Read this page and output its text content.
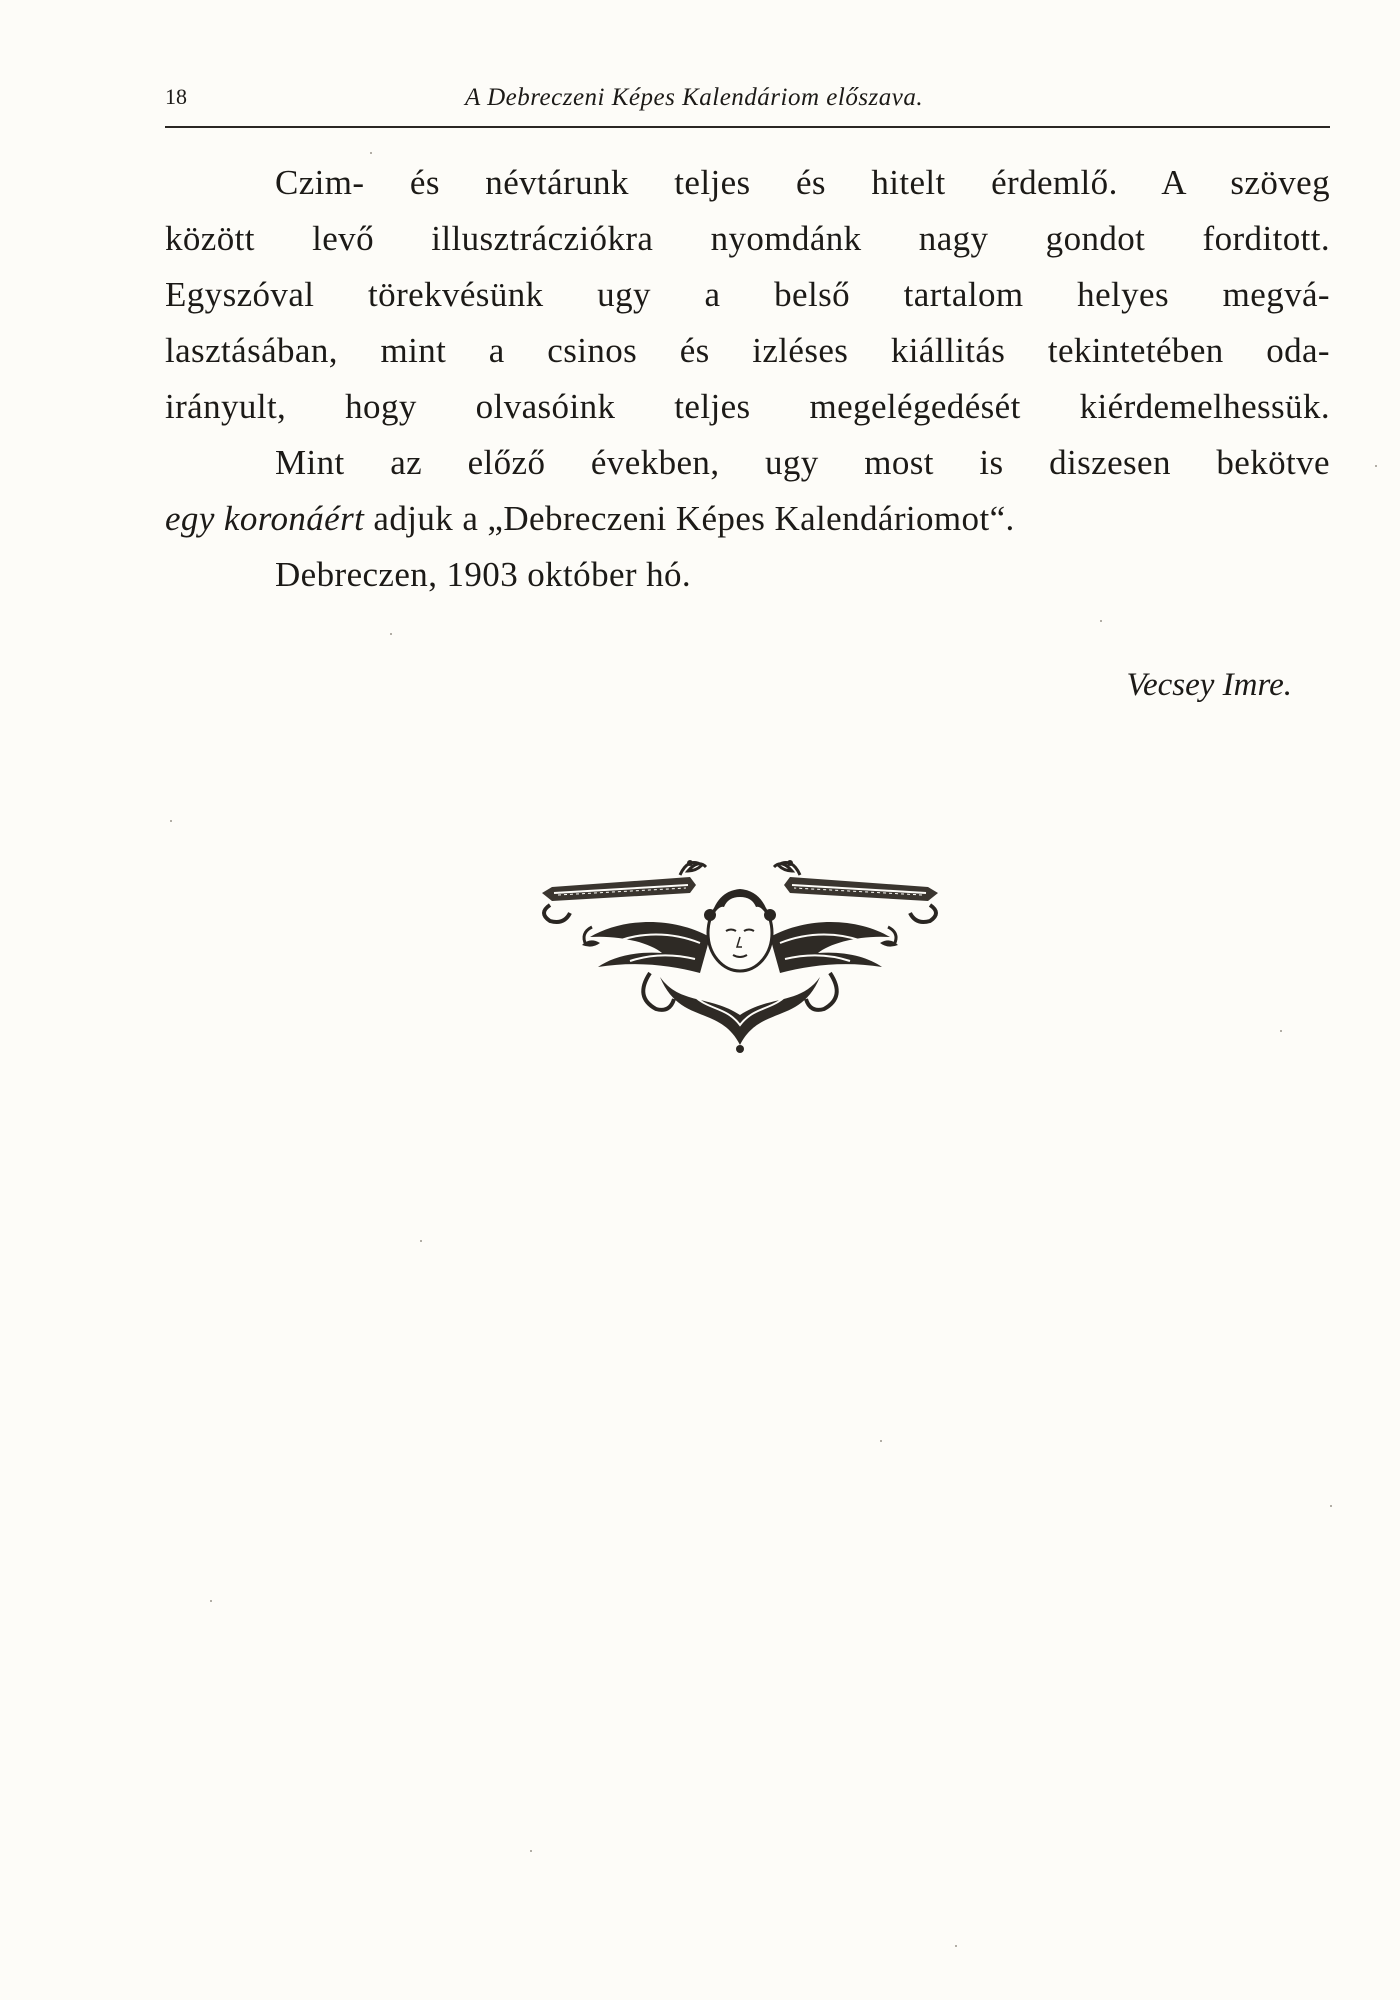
18	A Debreczeni Képes Kalendáriom előszava.
Czim- és névtárunk teljes és hitelt érdemlő. A szöveg
között levő illusztrácziókra nyomdánk nagy gondot forditott.
Egyszóval törekvésünk ugy a belső tartalom helyes megvá-
lasztásában, mint a csinos és izléses kiállitás tekintetében oda-
irányult, hogy olvasóink teljes megelégedését kiérdemelhessük.
Mint az előző években, ugy most is diszesen bekötve
egy koronáért adjuk a „Debreczeni Képes Kalendáriomot“.
Debreczen, 1903 október hó.
Vecsey Imre.
